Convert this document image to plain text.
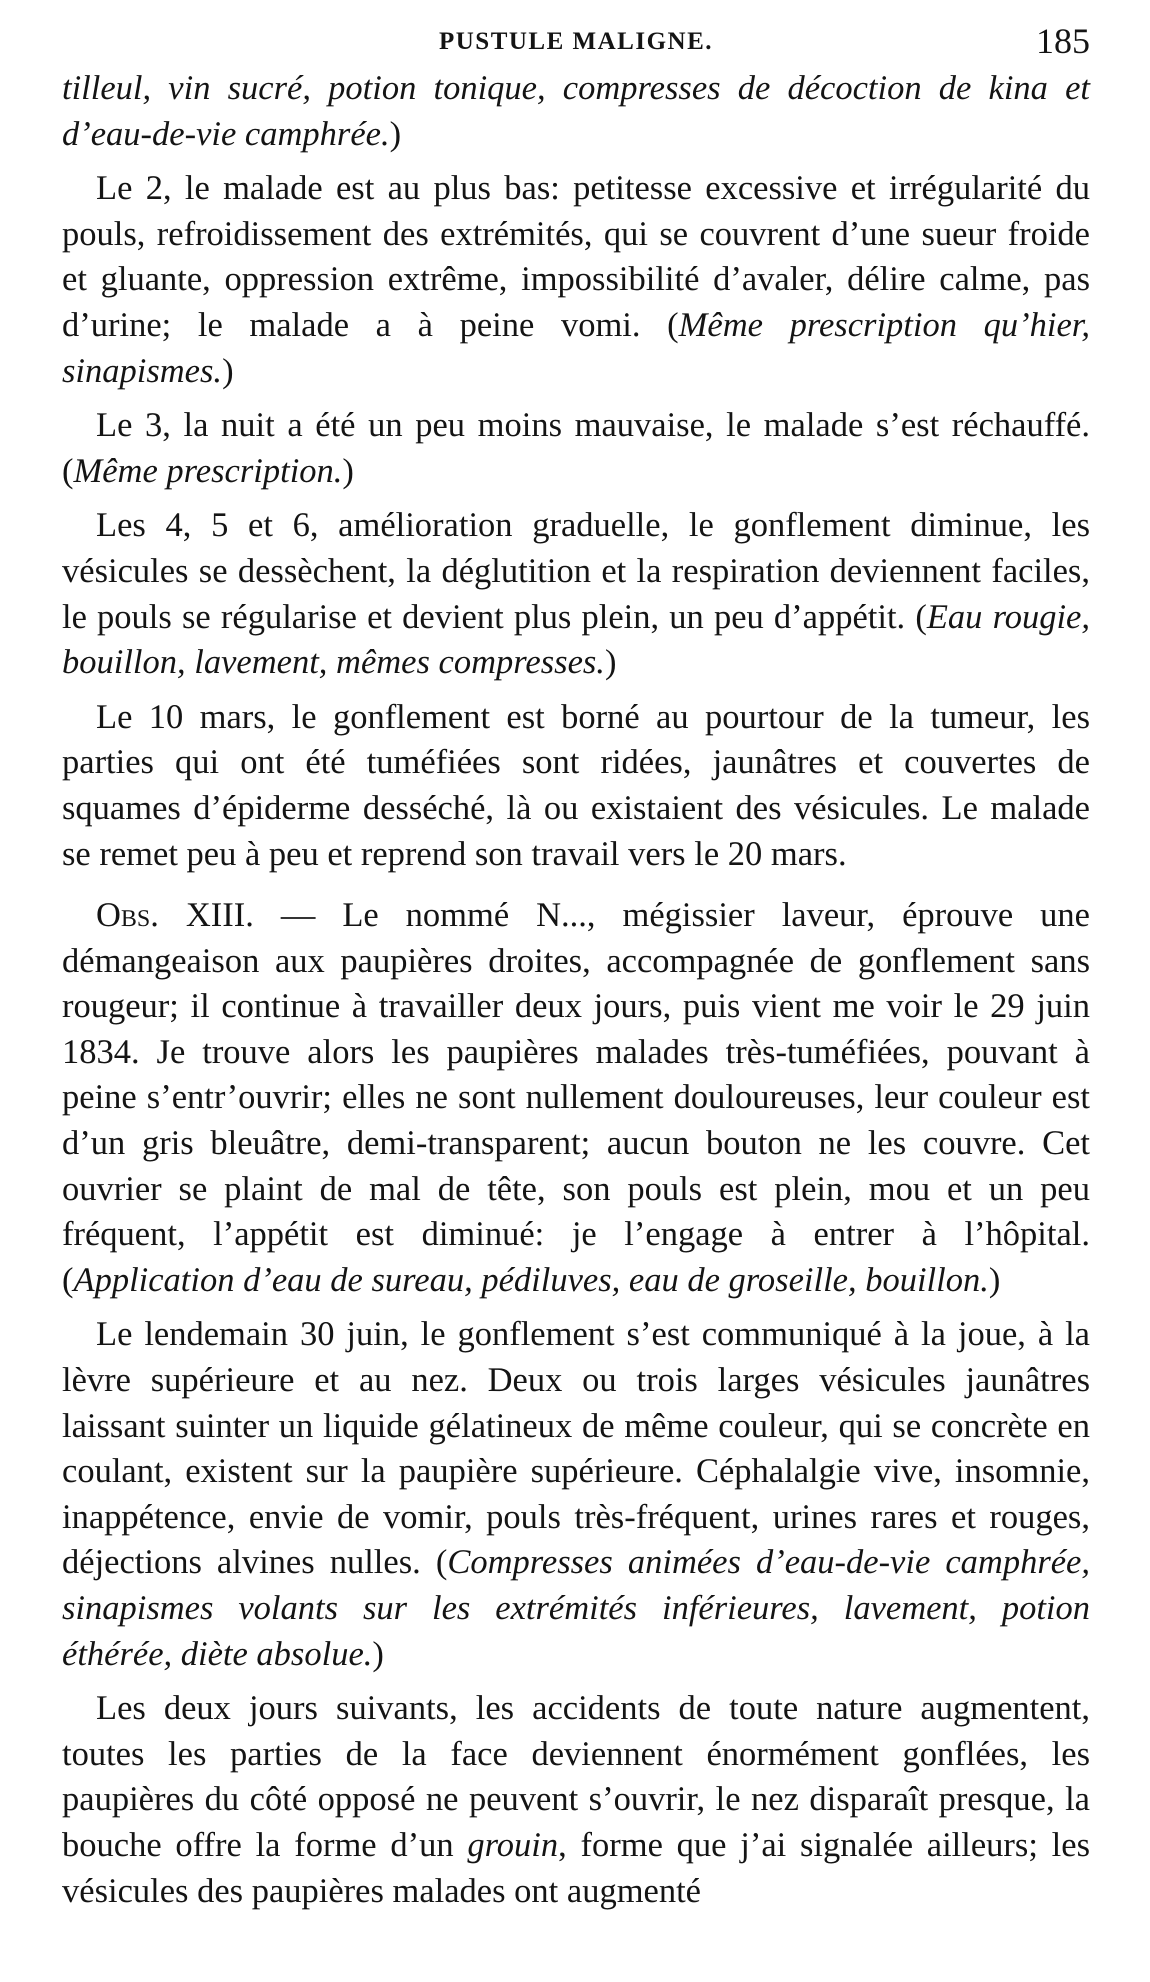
PUSTULE MALIGNE.	185

tilleul, vin sucré, potion tonique, compresses de décoction de kina et d’eau-de-vie camphrée.)

Le 2, le malade est au plus bas: petitesse excessive et irrégularité du pouls, refroidissement des extrémités, qui se couvrent d’une sueur froide et gluante, oppression extrême, impossibilité d’avaler, délire calme, pas d’urine; le malade a à peine vomi. (Même prescription qu’hier, sinapismes.)

Le 3, la nuit a été un peu moins mauvaise, le malade s’est réchauffé. (Même prescription.)

Les 4, 5 et 6, amélioration graduelle, le gonflement diminue, les vésicules se dessèchent, la déglutition et la respiration deviennent faciles, le pouls se régularise et devient plus plein, un peu d’appétit. (Eau rougie, bouillon, lavement, mêmes compresses.)

Le 10 mars, le gonflement est borné au pourtour de la tumeur, les parties qui ont été tuméfiées sont ridées, jaunâtres et couvertes de squames d’épiderme desséché, là ou existaient des vésicules. Le malade se remet peu à peu et reprend son travail vers le 20 mars.

Obs. XIII. — Le nommé N..., mégissier laveur, éprouve une démangeaison aux paupières droites, accompagnée de gonflement sans rougeur; il continue à travailler deux jours, puis vient me voir le 29 juin 1834. Je trouve alors les paupières malades très-tuméfiées, pouvant à peine s’entr’ouvrir; elles ne sont nullement douloureuses, leur couleur est d’un gris bleuâtre, demi-transparent; aucun bouton ne les couvre. Cet ouvrier se plaint de mal de tête, son pouls est plein, mou et un peu fréquent, l’appétit est diminué: je l’engage à entrer à l’hôpital. (Application d’eau de sureau, pédiluves, eau de groseille, bouillon.)

Le lendemain 30 juin, le gonflement s’est communiqué à la joue, à la lèvre supérieure et au nez. Deux ou trois larges vésicules jaunâtres laissant suinter un liquide gélatineux de même couleur, qui se concrète en coulant, existent sur la paupière supérieure. Céphalalgie vive, insomnie, inappétence, envie de vomir, pouls très-fréquent, urines rares et rouges, déjections alvines nulles. (Compresses animées d’eau-de-vie camphrée, sinapismes volants sur les extrémités inférieures, lavement, potion éthérée, diète absolue.)

Les deux jours suivants, les accidents de toute nature augmentent, toutes les parties de la face deviennent énormément gonflées, les paupières du côté opposé ne peuvent s’ouvrir, le nez disparaît presque, la bouche offre la forme d’un grouin, forme que j’ai signalée ailleurs; les vésicules des paupières malades ont augmenté
